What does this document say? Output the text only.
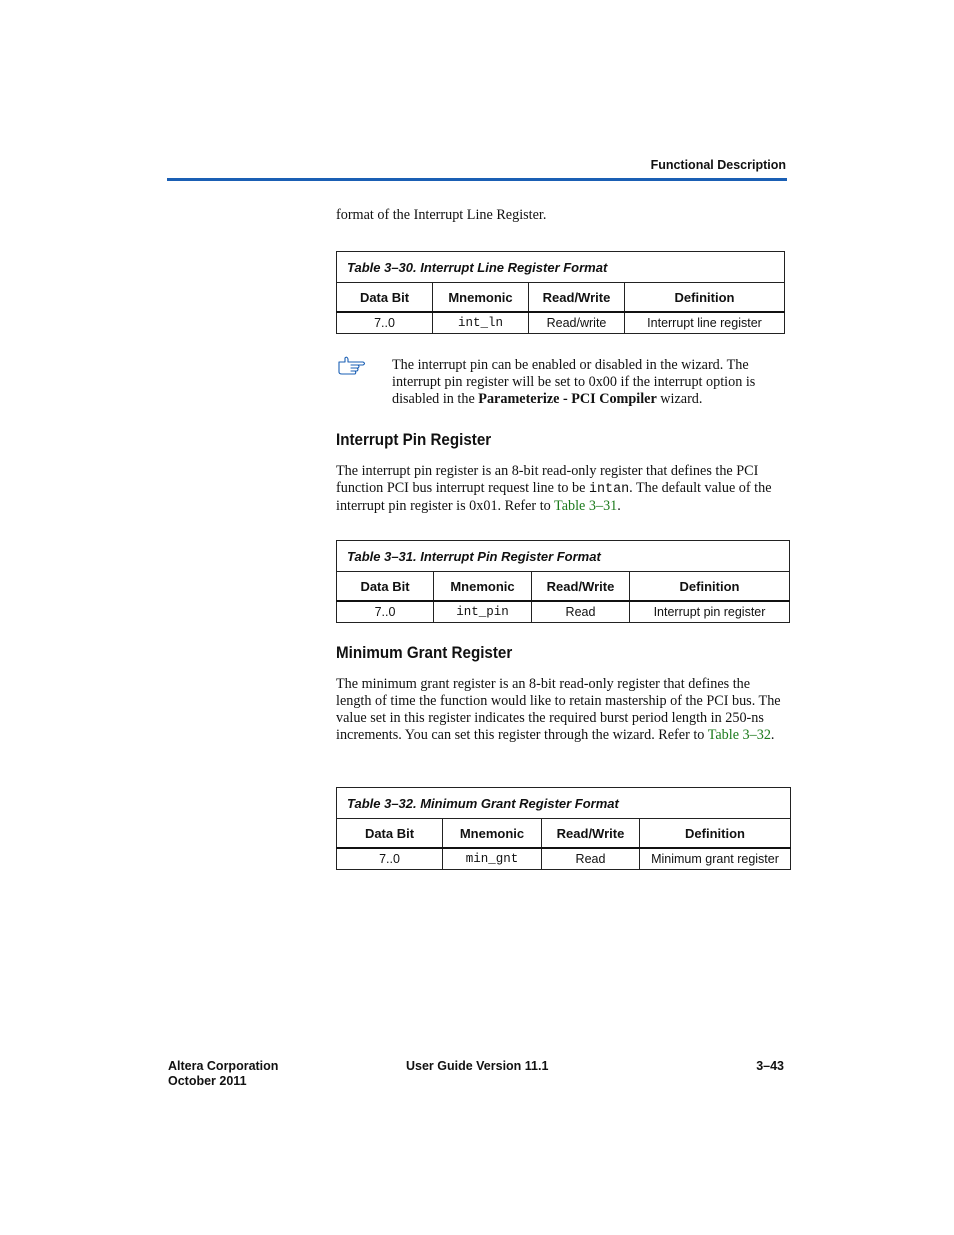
Functional Description

format of the Interrupt Line Register.

Table 3–30. Interrupt Line Register Format			
Data Bit	Mnemonic	Read/Write	Definition
7..0	int_ln	Read/write	Interrupt line register

The interrupt pin can be enabled or disabled in the wizard. The interrupt pin register will be set to 0x00 if the interrupt option is disabled in the Parameterize - PCI Compiler wizard.

Interrupt Pin Register

The interrupt pin register is an 8-bit read-only register that defines the PCI function PCI bus interrupt request line to be intan. The default value of the interrupt pin register is 0x01. Refer to Table 3–31.

Table 3–31. Interrupt Pin Register Format			
Data Bit	Mnemonic	Read/Write	Definition
7..0	int_pin	Read	Interrupt pin register
Minimum Grant Register

The minimum grant register is an 8-bit read-only register that defines the length of time the function would like to retain mastership of the PCI bus. The value set in this register indicates the required burst period length in 250-ns increments. You can set this register through the wizard. Refer to Table 3–32.

Table 3–32. Minimum Grant Register Format			
Data Bit	Mnemonic	Read/Write	Definition
7..0	min_gnt	Read	Minimum grant register
Altera Corporation
October 2011
User Guide Version 11.1	3–43
